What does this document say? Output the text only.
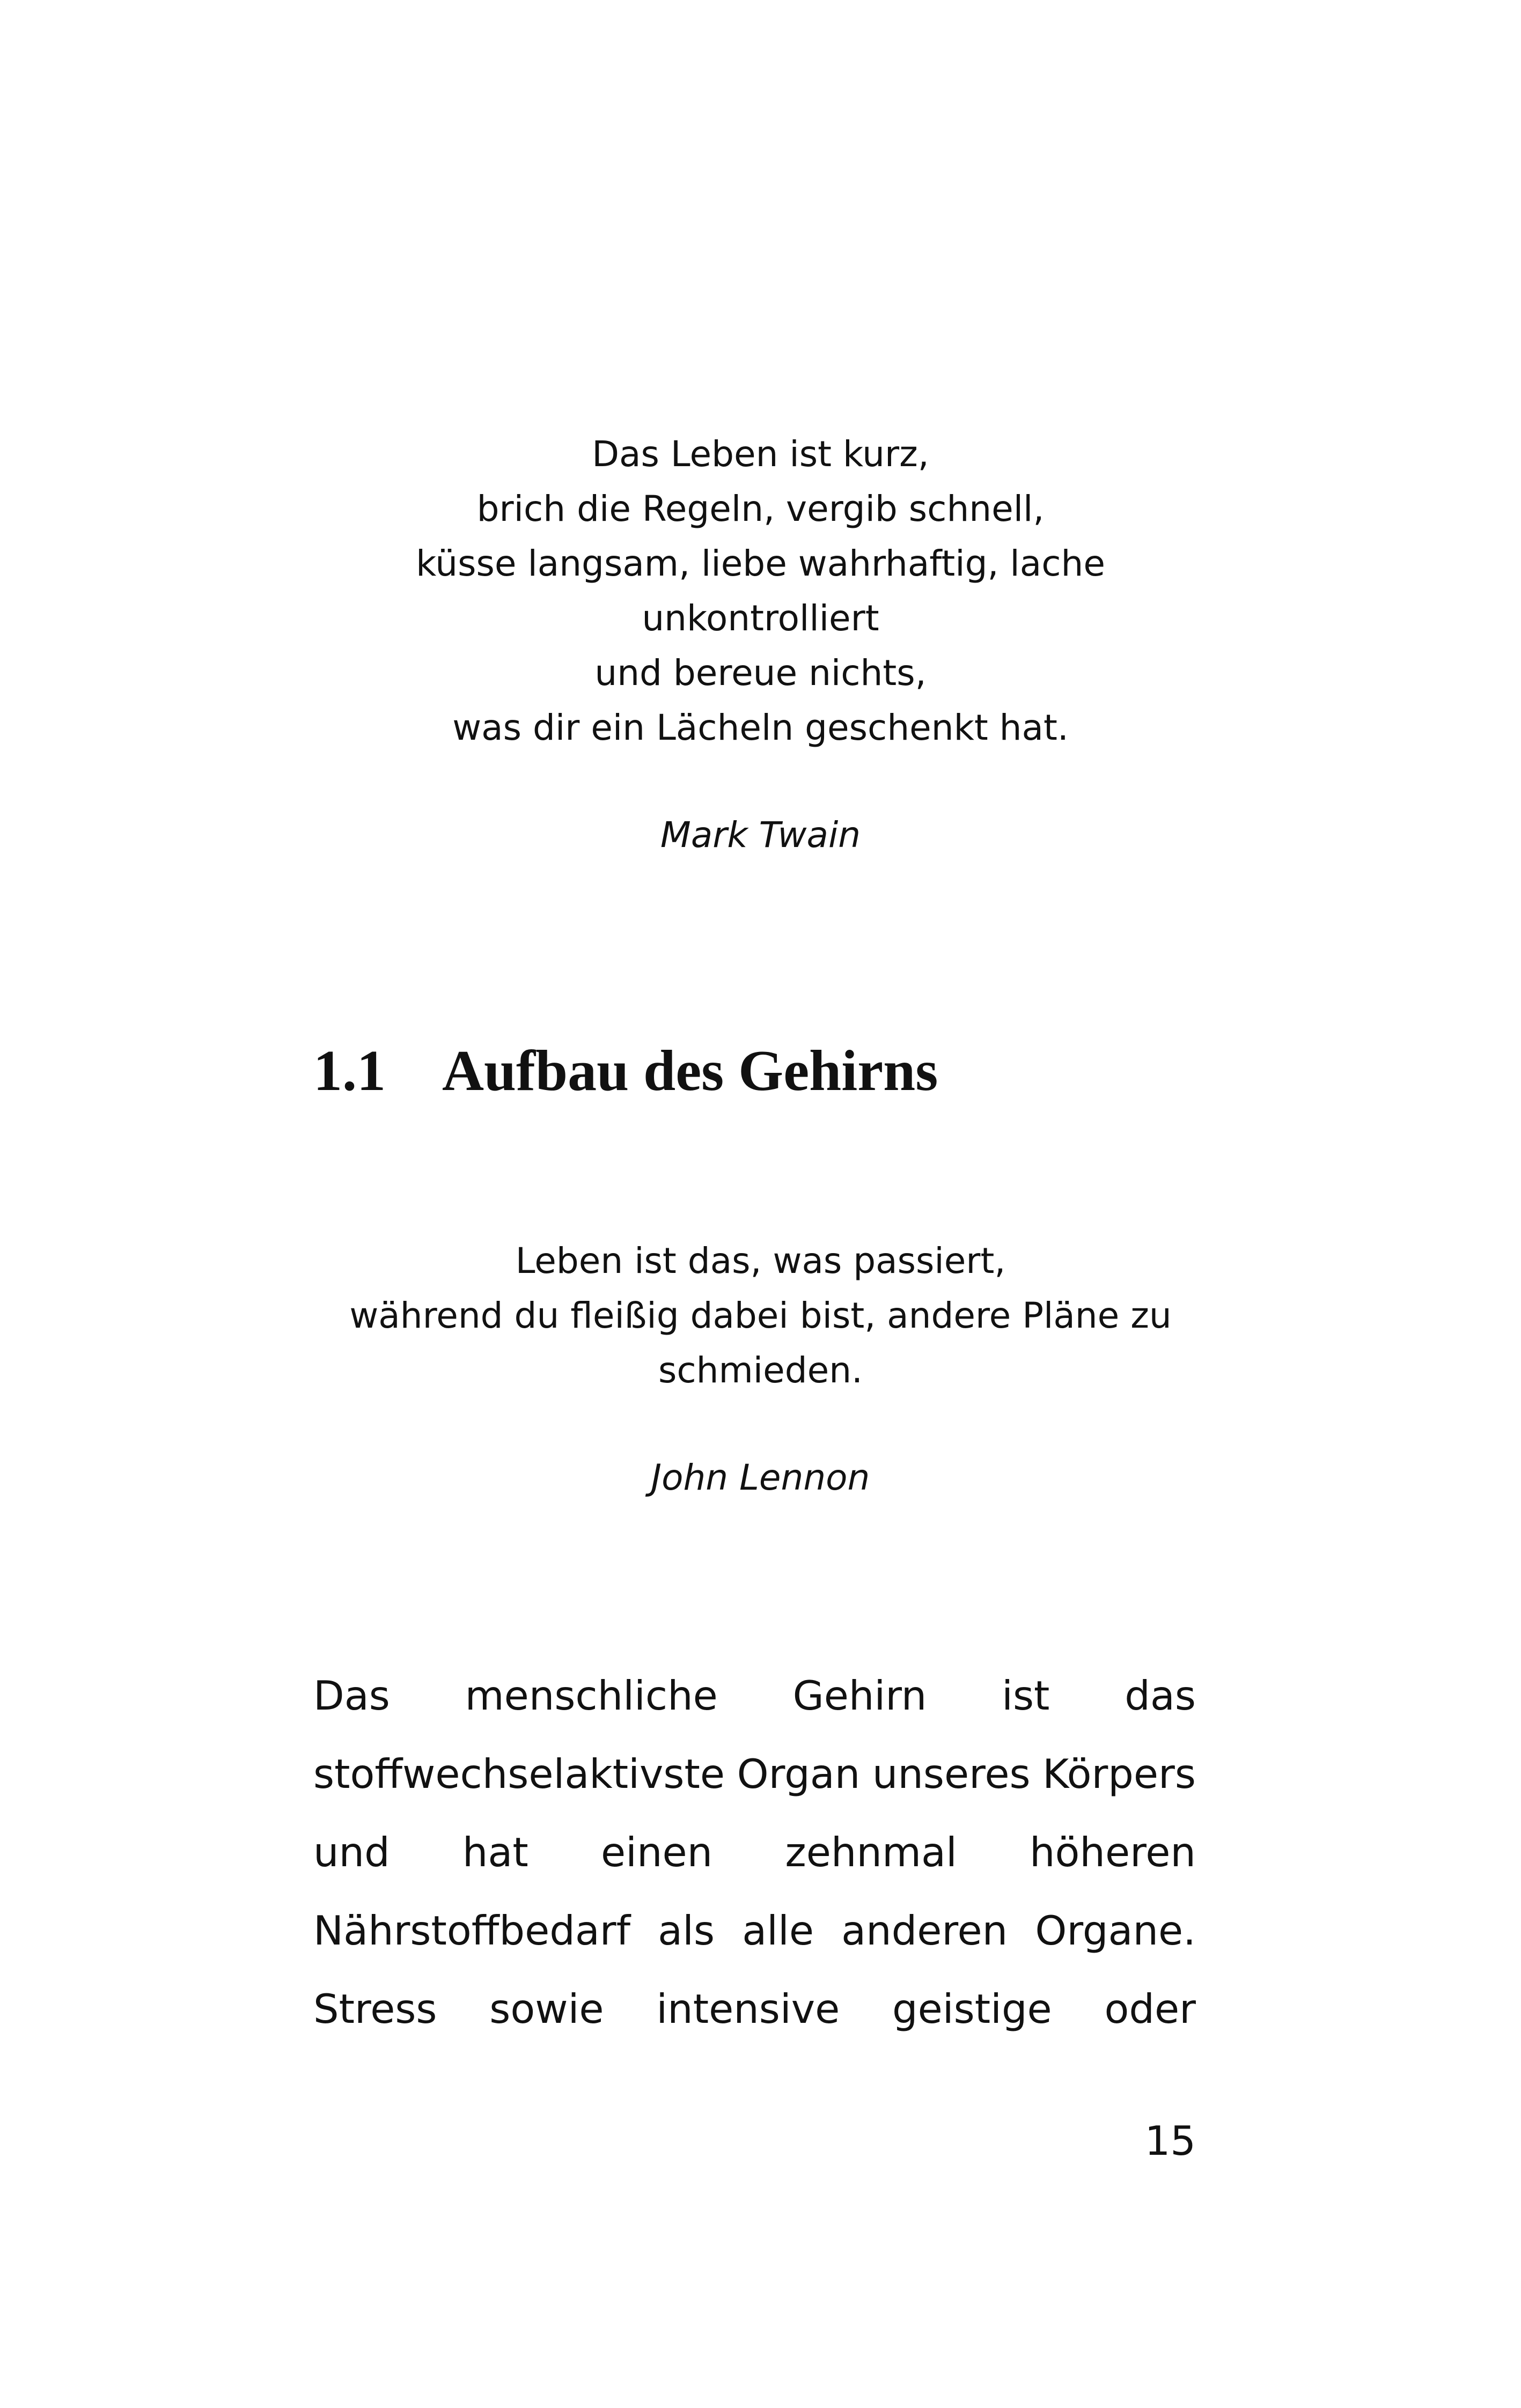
Das Leben ist kurz,
brich die Regeln, vergib schnell,
küsse langsam, liebe wahrhaftig, lache
unkontrolliert
und bereue nichts,
was dir ein Lächeln geschenkt hat.
Mark Twain
1.1 Aufbau des Gehirns
Leben ist das, was passiert,
während du fleißig dabei bist, andere Pläne zu
schmieden.
John Lennon
Das menschliche Gehirn ist das
stoffwechselaktivste Organ unseres Körpers
und hat einen zehnmal höheren
Nährstoffbedarf als alle anderen Organe.
Stress sowie intensive geistige oder
15
